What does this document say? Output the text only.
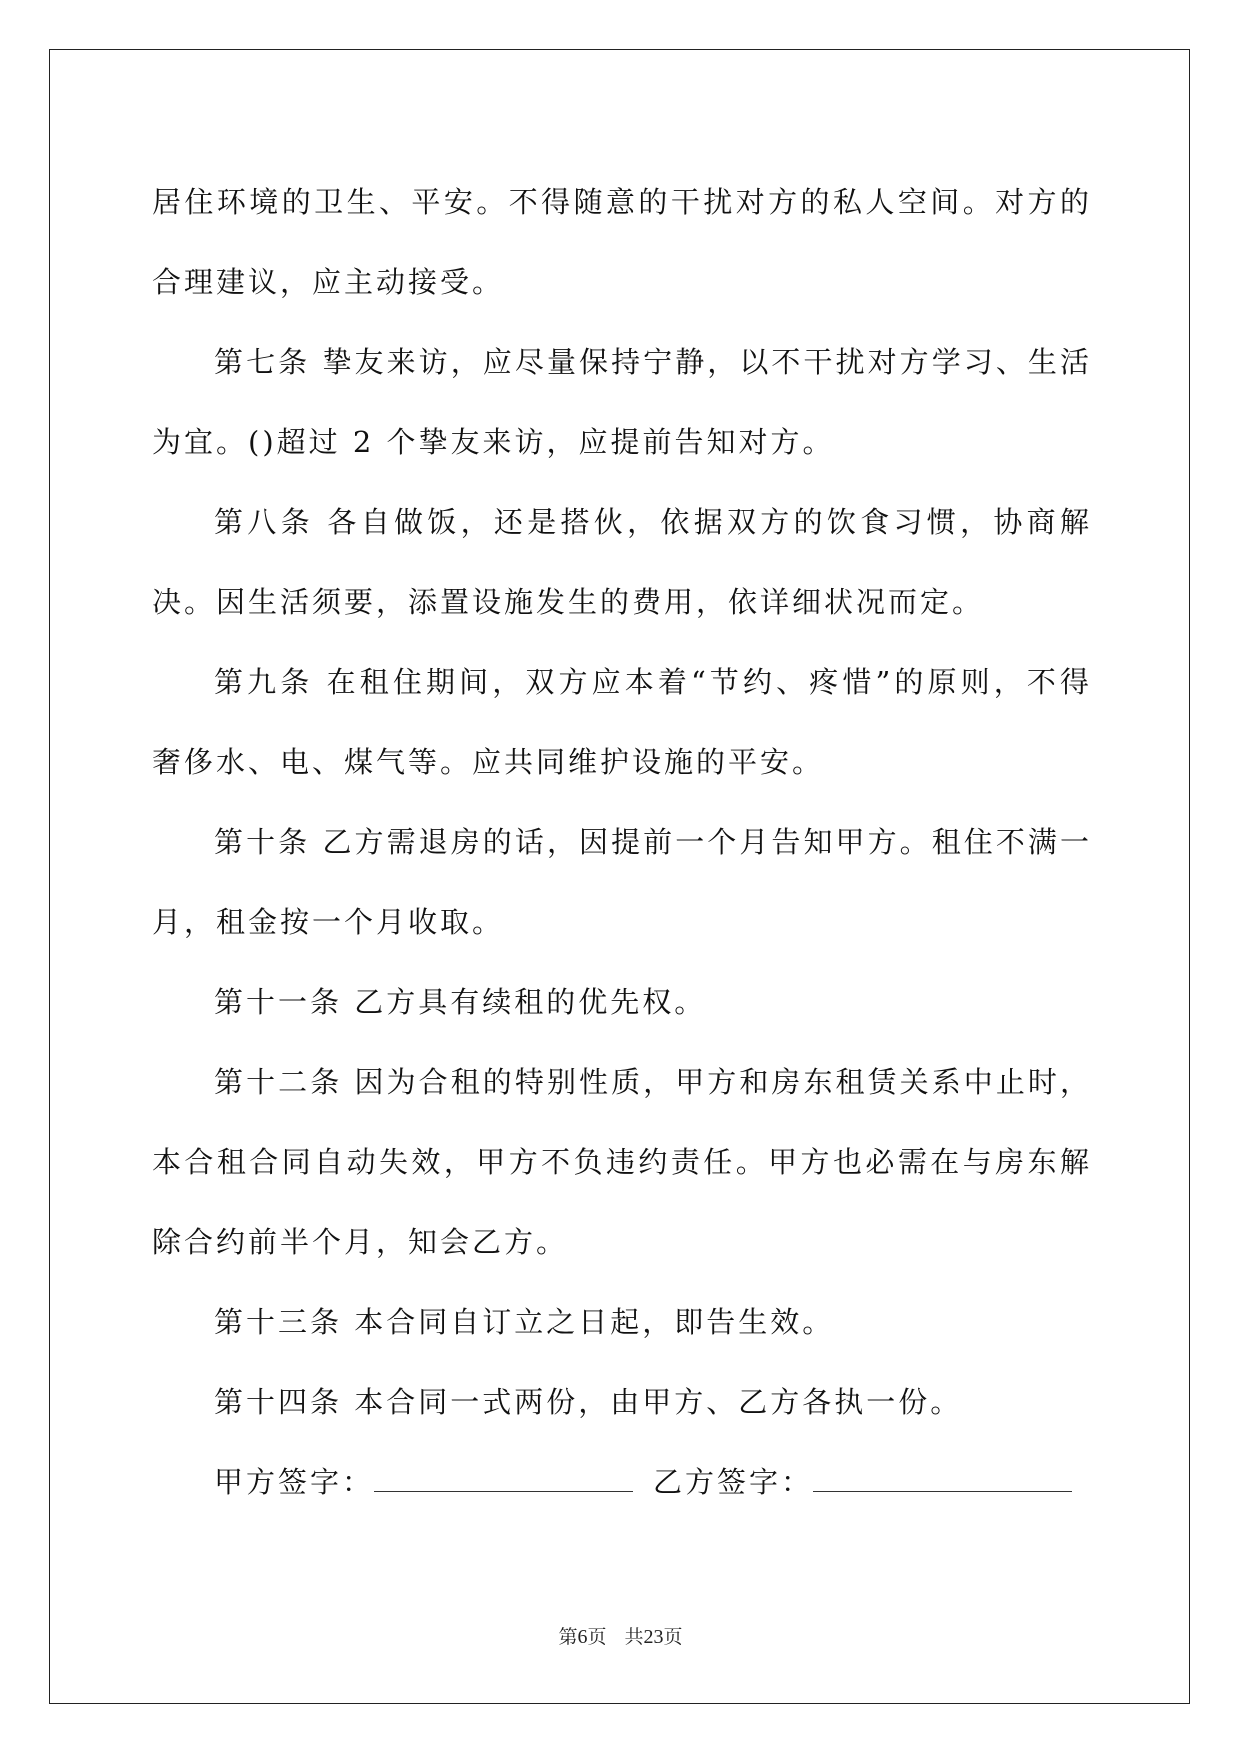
居住环境的卫生、平安。不得随意的干扰对方的私人空间。对方的合理建议，应主动接受。

第七条 挚友来访，应尽量保持宁静，以不干扰对方学习、生活为宜。()超过 2 个挚友来访，应提前告知对方。

第八条 各自做饭，还是搭伙，依据双方的饮食习惯，协商解决。因生活须要，添置设施发生的费用，依详细状况而定。

第九条 在租住期间，双方应本着“节约、疼惜”的原则，不得奢侈水、电、煤气等。应共同维护设施的平安。

第十条 乙方需退房的话，因提前一个月告知甲方。租住不满一月，租金按一个月收取。

第十一条 乙方具有续租的优先权。

第十二条 因为合租的特别性质，甲方和房东租赁关系中止时，本合租合同自动失效，甲方不负违约责任。甲方也必需在与房东解除合约前半个月，知会乙方。

第十三条 本合同自订立之日起，即告生效。

第十四条 本合同一式两份，由甲方、乙方各执一份。

甲方签字：	乙方签字：
第6页 共23页
